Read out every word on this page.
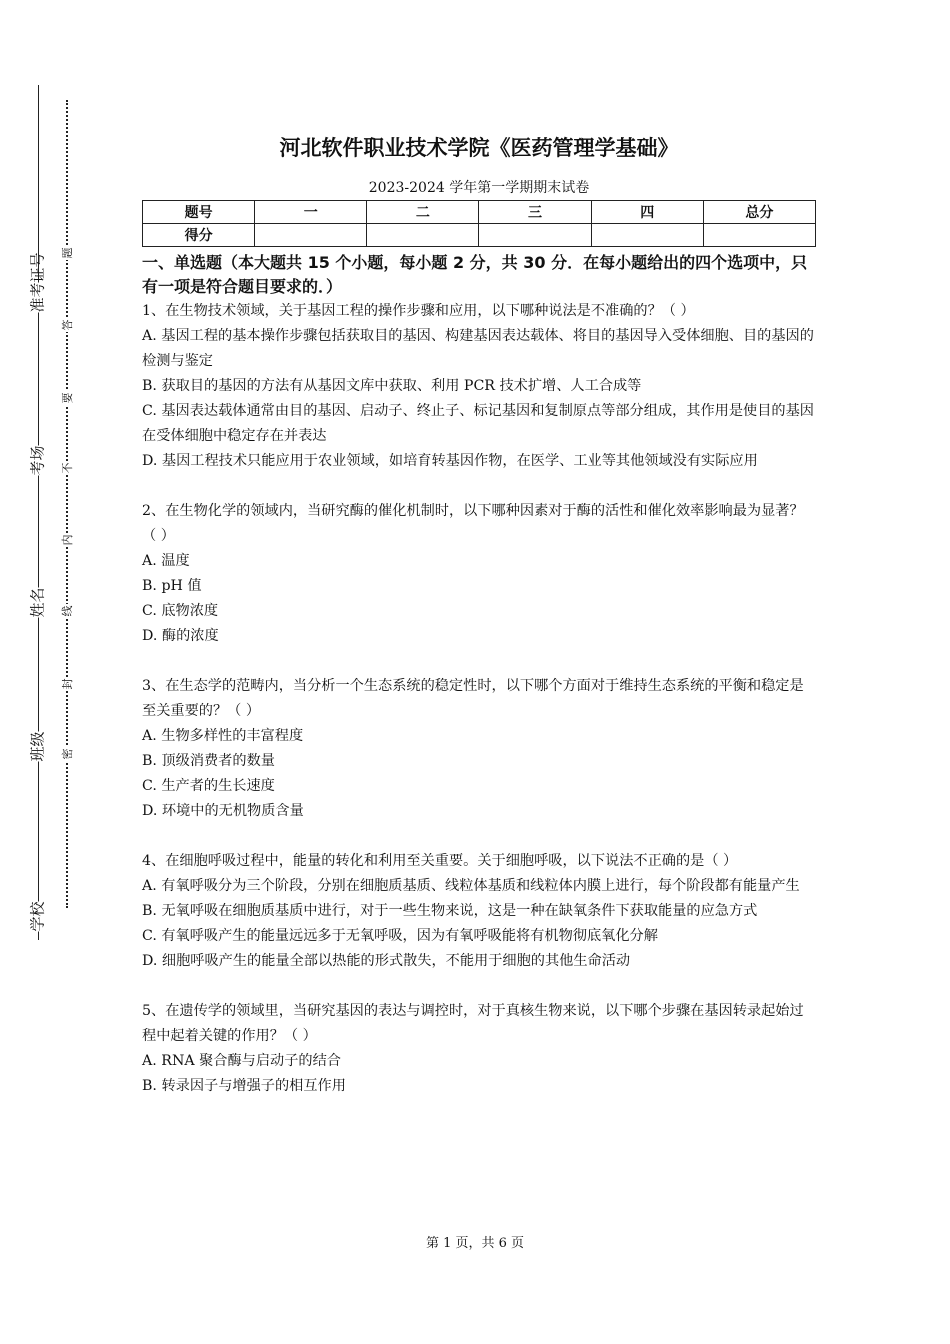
准考证号
考场
姓名
班级
学校
题
答
要
不
内
线
封
密
河北软件职业技术学院《医药管理学基础》
2023-2024 学年第一学期期末试卷
题号	一	二	三	四	总分
得分					
一、单选题（本大题共 15 个小题，每小题 2 分，共 30 分．在每小题给出的四个选项中，只有一项是符合题目要求的．）

1、在生物技术领域，关于基因工程的操作步骤和应用，以下哪种说法是不准确的？（ ）

A. 基因工程的基本操作步骤包括获取目的基因、构建基因表达载体、将目的基因导入受体细胞、目的基因的检测与鉴定

B. 获取目的基因的方法有从基因文库中获取、利用 PCR 技术扩增、人工合成等

C. 基因表达载体通常由目的基因、启动子、终止子、标记基因和复制原点等部分组成，其作用是使目的基因在受体细胞中稳定存在并表达

D. 基因工程技术只能应用于农业领域，如培育转基因作物，在医学、工业等其他领域没有实际应用

2、在生物化学的领域内，当研究酶的催化机制时，以下哪种因素对于酶的活性和催化效率影响最为显著？（ ）

A. 温度

B. pH 值

C. 底物浓度

D. 酶的浓度

3、在生态学的范畴内，当分析一个生态系统的稳定性时，以下哪个方面对于维持生态系统的平衡和稳定是至关重要的？（ ）

A. 生物多样性的丰富程度

B. 顶级消费者的数量

C. 生产者的生长速度

D. 环境中的无机物质含量

4、在细胞呼吸过程中，能量的转化和利用至关重要。关于细胞呼吸，以下说法不正确的是（ ）

A. 有氧呼吸分为三个阶段，分别在细胞质基质、线粒体基质和线粒体内膜上进行，每个阶段都有能量产生

B. 无氧呼吸在细胞质基质中进行，对于一些生物来说，这是一种在缺氧条件下获取能量的应急方式

C. 有氧呼吸产生的能量远远多于无氧呼吸，因为有氧呼吸能将有机物彻底氧化分解

D. 细胞呼吸产生的能量全部以热能的形式散失，不能用于细胞的其他生命活动

5、在遗传学的领域里，当研究基因的表达与调控时，对于真核生物来说，以下哪个步骤在基因转录起始过程中起着关键的作用？（ ）

A. RNA 聚合酶与启动子的结合

B. 转录因子与增强子的相互作用

第 1 页，共 6 页
